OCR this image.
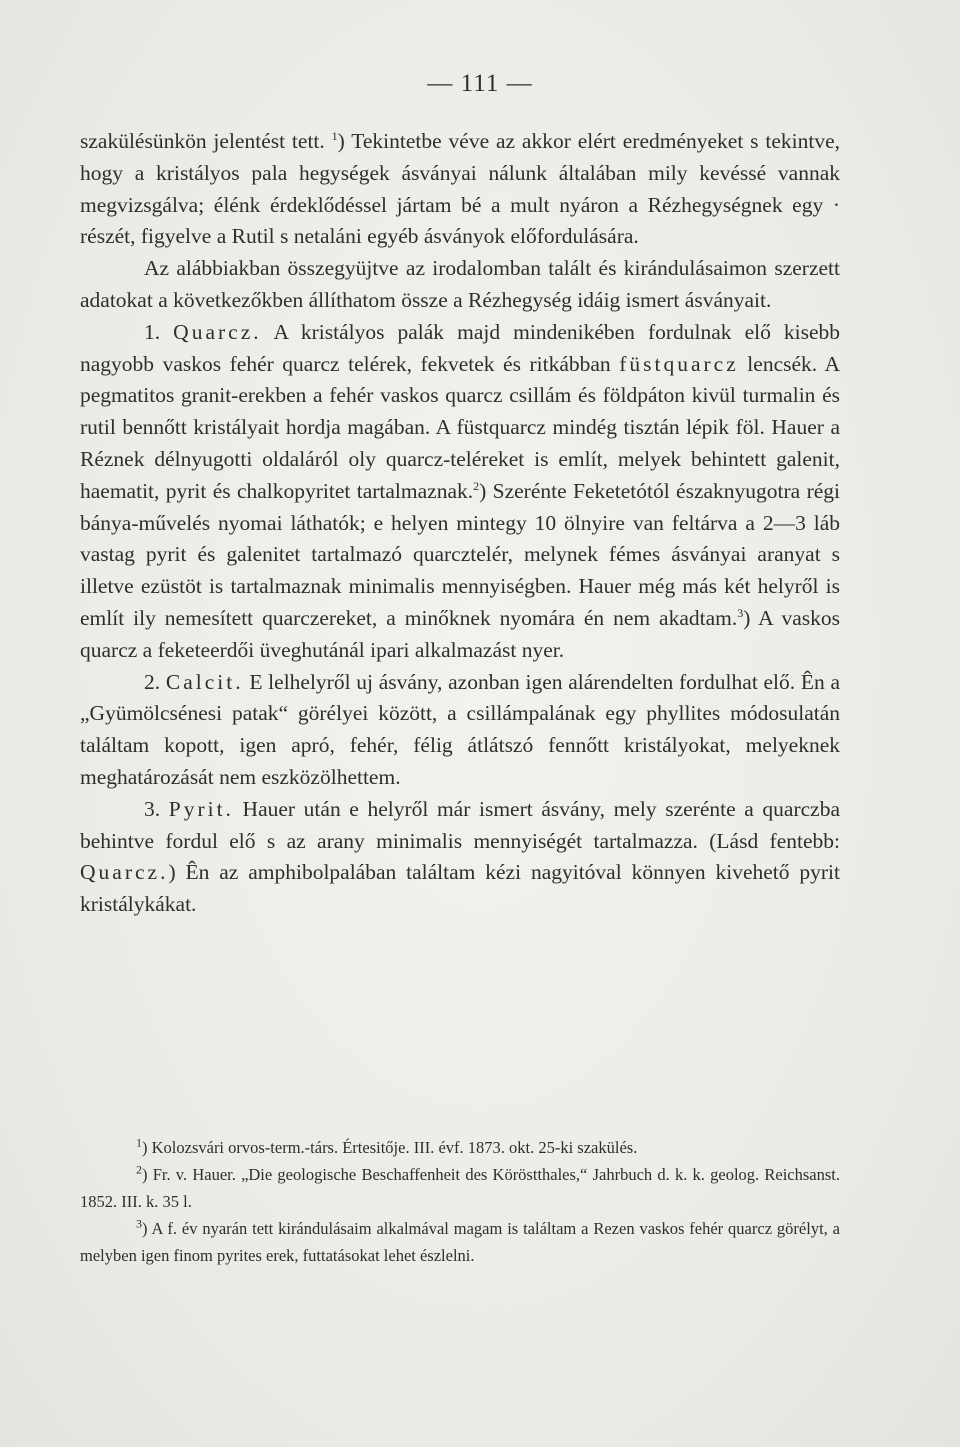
— 111 —

szakülésünkön jelentést tett. $^1$) Tekintetbe véve az akkor elért eredményeket s tekintve, hogy a kristályos pala hegységek ásványai nálunk általában mily kevéssé vannak megvizsgálva; élénk érdeklődéssel jártam bé a mult nyáron a Rézhegységnek egy · részét, figyelve a Rutil s netaláni egyéb ásványok előfordulására.

Az alábbiakban összegyüjtve az irodalomban talált és kirándulásaimon szerzett adatokat a következőkben állíthatom össze a Rézhegység idáig ismert ásványait.

1. Quarcz. A kristályos palák majd mindenikében fordulnak elő kisebb nagyobb vaskos fehér quarcz telérek, fekvetek és ritkábban füstquarcz lencsék. A pegmatitos granit-erekben a fehér vaskos quarcz csillám és földpáton kivül turmalin és rutil bennőtt kristályait hordja magában. A füstquarcz mindég tisztán lépik föl. Hauer a Réznek délnyugotti oldaláról oly quarcz-teléreket is említ, melyek behintett galenit, haematit, pyrit és chalkopyritet tartalmaznak.$^2$) Szerénte Feketetótól északnyugotra régi bánya-művelés nyomai láthatók; e helyen mintegy 10 ölnyire van feltárva a 2—3 láb vastag pyrit és galenitet tartalmazó quarcztelér, melynek fémes ásványai aranyat s illetve ezüstöt is tartalmaznak minimalis mennyiségben. Hauer még más két helyről is említ ily nemesített quarczereket, a minőknek nyomára én nem akadtam.$^3$) A vaskos quarcz a feketeerdői üveghutánál ipari alkalmazást nyer.

2. Calcit. E lelhelyről uj ásvány, azonban igen alárendelten fordulhat elő. Ên a „Gyümölcsénesi patak“ görélyei között, a csillámpalának egy phyllites módosulatán találtam kopott, igen apró, fehér, félig átlátszó fennőtt kristályokat, melyeknek meghatározását nem eszközölhettem.

3. Pyrit. Hauer után e helyről már ismert ásvány, mely szerénte a quarczba behintve fordul elő s az arany minimalis mennyiségét tartalmazza. (Lásd fentebb: Quarcz.) Ên az amphibolpalában találtam kézi nagyitóval könnyen kivehető pyrit kristálykákat.

$^1$) Kolozsvári orvos-term.-társ. Értesitője. III. évf. 1873. okt. 25-ki szakülés.

$^2$) Fr. v. Hauer. „Die geologische Beschaffenheit des Köröstthales,“ Jahrbuch d. k. k. geolog. Reichsanst. 1852. III. k. 35 l.

$^3$) A f. év nyarán tett kirándulásaim alkalmával magam is találtam a Rezen vaskos fehér quarcz görélyt, a melyben igen finom pyrites erek, futtatásokat lehet észlelni.
